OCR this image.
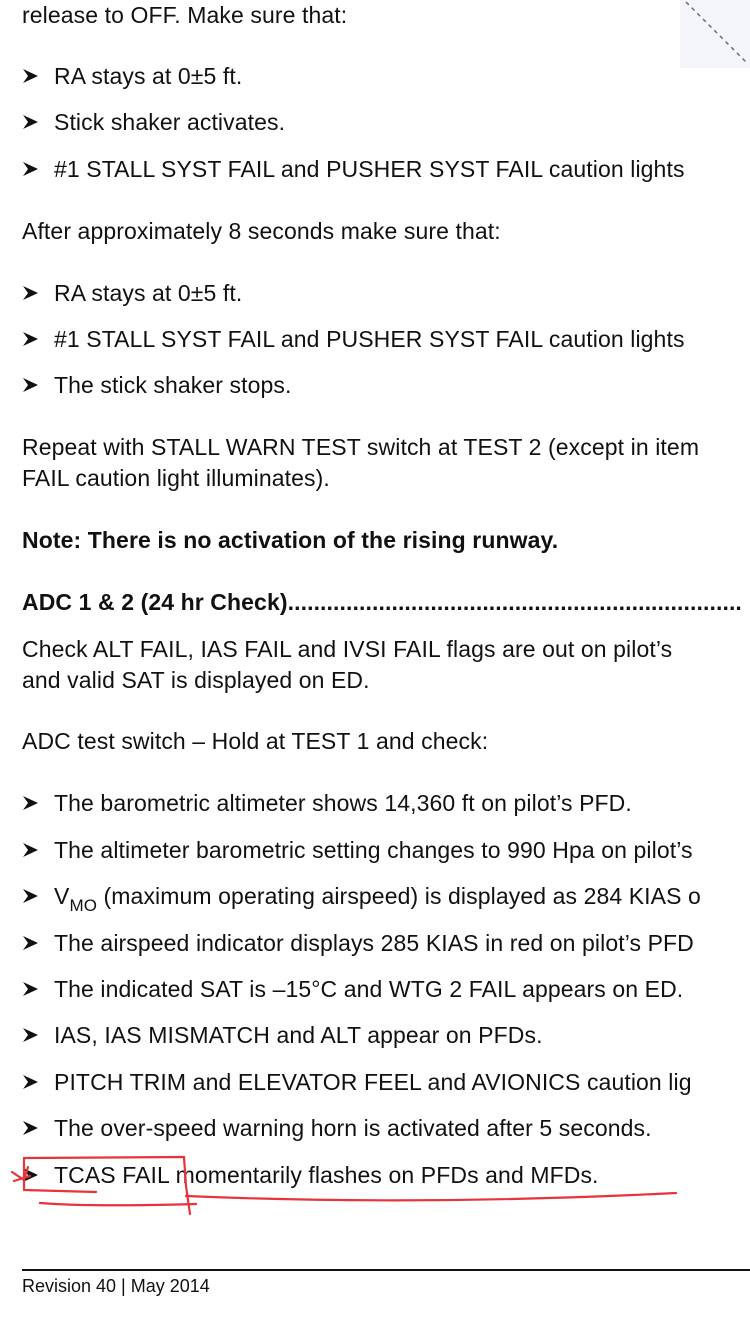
release to OFF. Make sure that:
RA stays at 0±5 ft.
Stick shaker activates.
#1 STALL SYST FAIL and PUSHER SYST FAIL caution lights
After approximately 8 seconds make sure that:
RA stays at 0±5 ft.
#1 STALL SYST FAIL and PUSHER SYST FAIL caution lights
The stick shaker stops.
Repeat with STALL WARN TEST switch at TEST 2 (except in item
FAIL caution light illuminates).
Note: There is no activation of the rising runway.
ADC 1 & 2 (24 hr Check)......................................................................
Check ALT FAIL, IAS FAIL and IVSI FAIL flags are out on pilot’s
and valid SAT is displayed on ED.
ADC test switch – Hold at TEST 1 and check:
The barometric altimeter shows 14,360 ft on pilot’s PFD.
The altimeter barometric setting changes to 990 Hpa on pilot’s
$V_{MO}$ (maximum operating airspeed) is displayed as 284 KIAS o
The airspeed indicator displays 285 KIAS in red on pilot’s PFD
The indicated SAT is –15°C and WTG 2 FAIL appears on ED.
IAS, IAS MISMATCH and ALT appear on PFDs.
PITCH TRIM and ELEVATOR FEEL and AVIONICS caution lig
The over-speed warning horn is activated after 5 seconds.
TCAS FAIL momentarily flashes on PFDs and MFDs.
Revision 40 | May 2014
